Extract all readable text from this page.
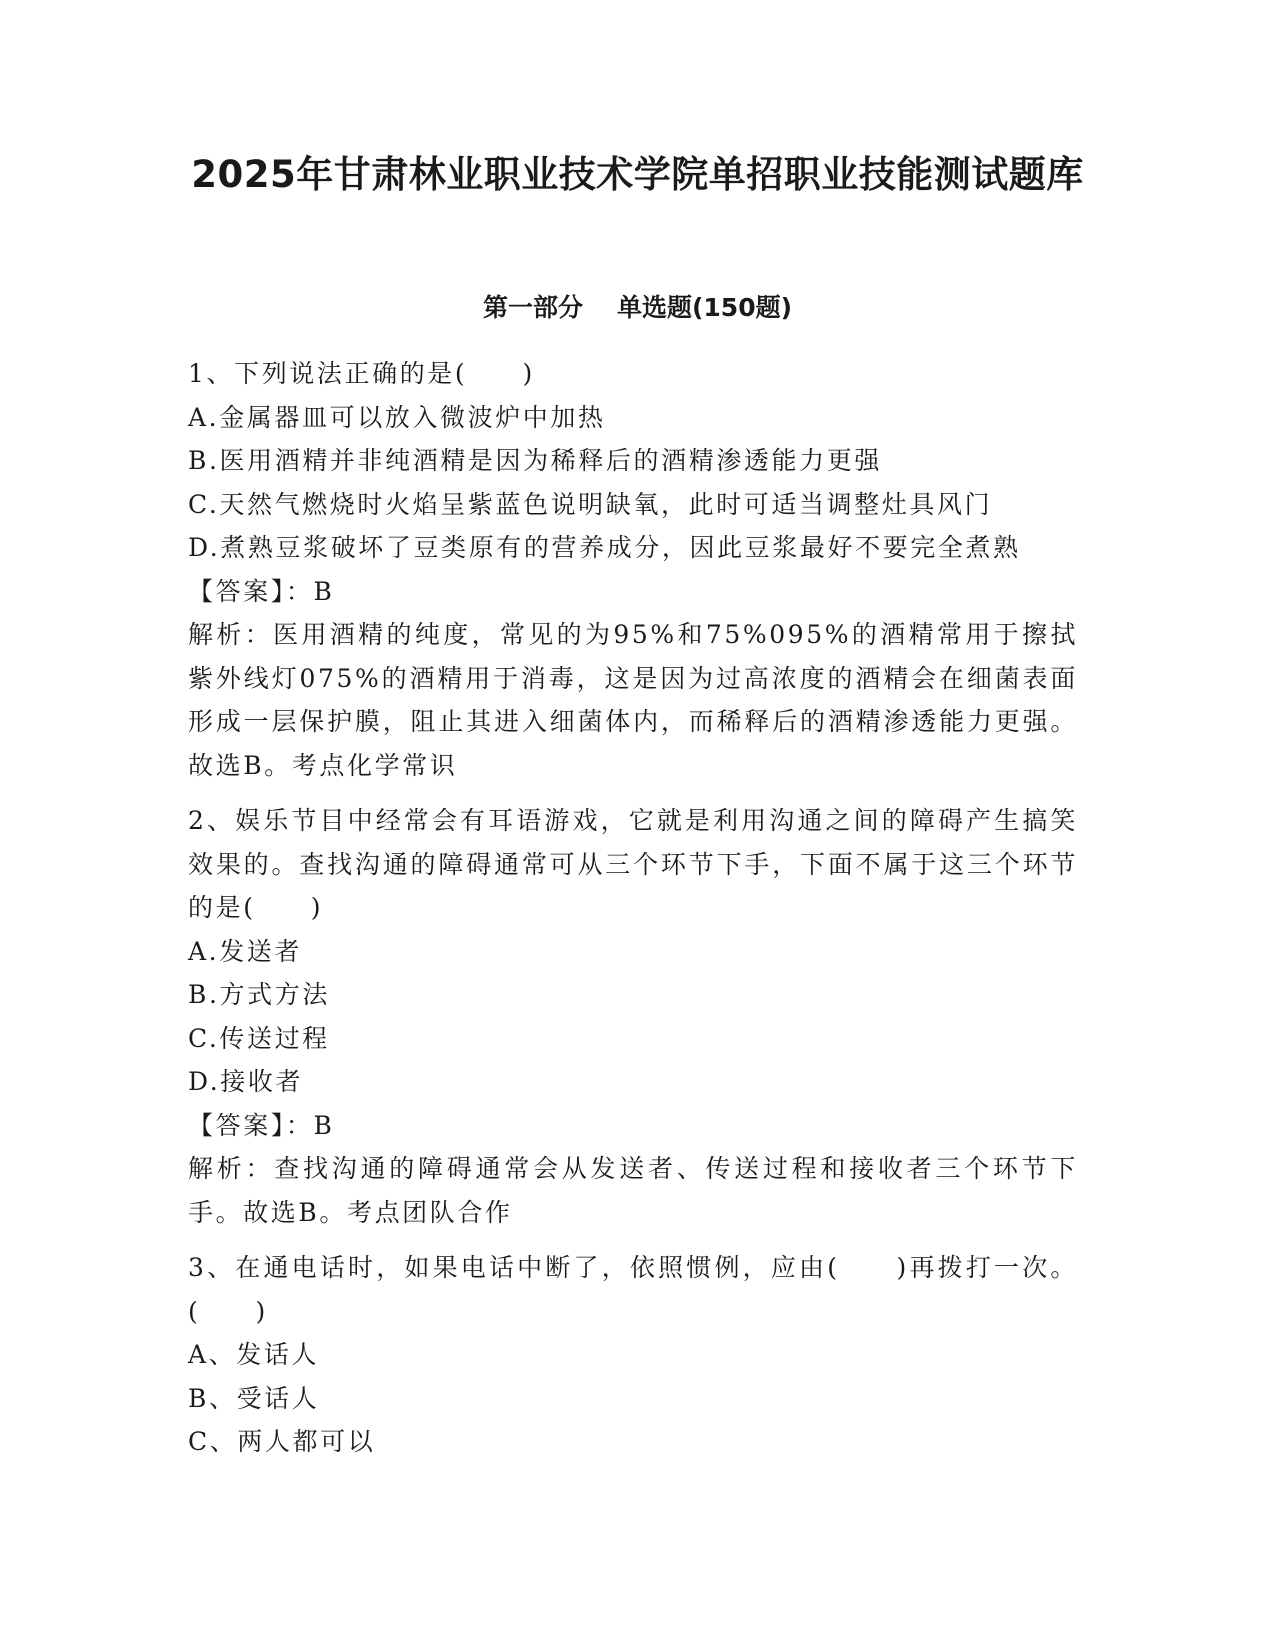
2025年甘肃林业职业技术学院单招职业技能测试题库
第一部分 单选题(150题)

1、下列说法正确的是(　　)

A.金属器皿可以放入微波炉中加热

B.医用酒精并非纯酒精是因为稀释后的酒精渗透能力更强

C.天然气燃烧时火焰呈紫蓝色说明缺氧，此时可适当调整灶具风门

D.煮熟豆浆破坏了豆类原有的营养成分，因此豆浆最好不要完全煮熟

【答案】：B

解析：医用酒精的纯度，常见的为95%和75%095%的酒精常用于擦拭紫外线灯075%的酒精用于消毒，这是因为过高浓度的酒精会在细菌表面形成一层保护膜，阻止其进入细菌体内，而稀释后的酒精渗透能力更强。故选B。考点化学常识

2、娱乐节目中经常会有耳语游戏，它就是利用沟通之间的障碍产生搞笑效果的。查找沟通的障碍通常可从三个环节下手，下面不属于这三个环节的是(　　)

A.发送者

B.方式方法

C.传送过程

D.接收者

【答案】：B

解析：查找沟通的障碍通常会从发送者、传送过程和接收者三个环节下手。故选B。考点团队合作

3、在通电话时，如果电话中断了，依照惯例，应由(　　)再拨打一次。(　　)

A、发话人

B、受话人

C、两人都可以
